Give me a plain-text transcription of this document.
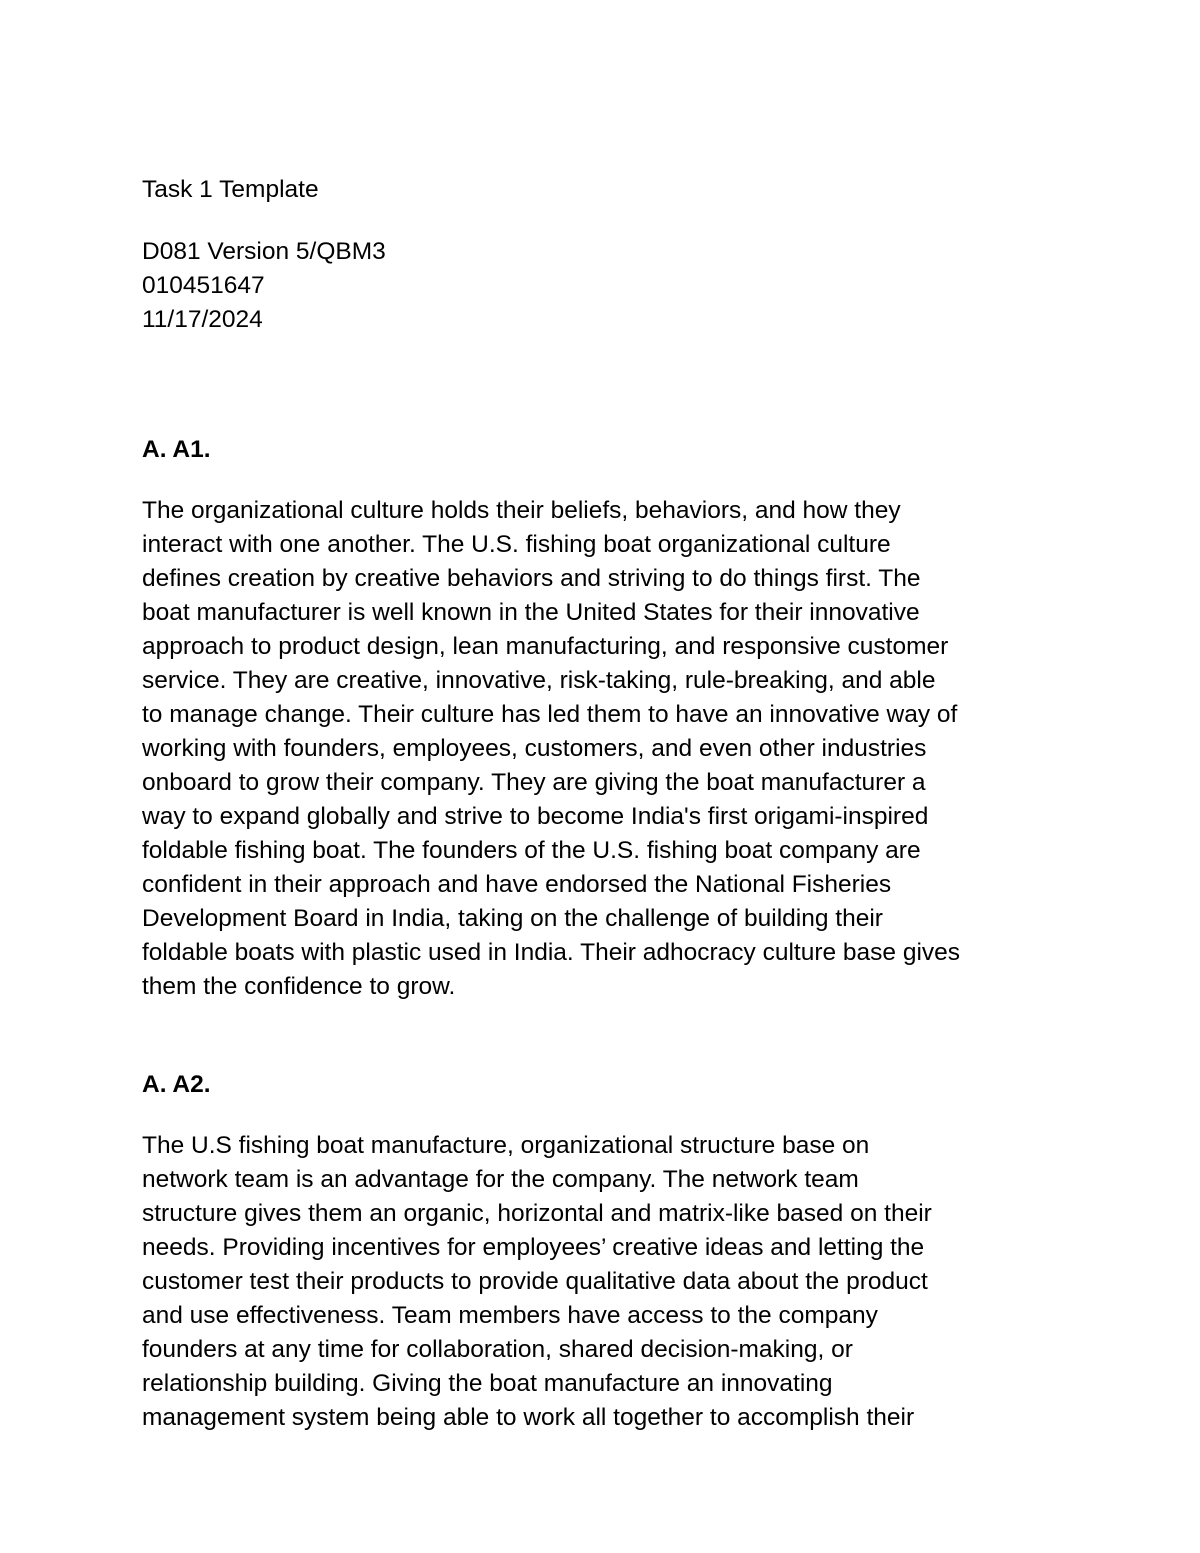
Task 1 Template
D081 Version 5/QBM3
010451647
11/17/2024
A. A1.
The organizational culture holds their beliefs, behaviors, and how they
interact with one another. The U.S. fishing boat organizational culture
defines creation by creative behaviors and striving to do things first. The
boat manufacturer is well known in the United States for their innovative
approach to product design, lean manufacturing, and responsive customer
service. They are creative, innovative, risk-taking, rule-breaking, and able
to manage change. Their culture has led them to have an innovative way of
working with founders, employees, customers, and even other industries
onboard to grow their company. They are giving the boat manufacturer a
way to expand globally and strive to become India's first origami-inspired
foldable fishing boat. The founders of the U.S. fishing boat company are
confident in their approach and have endorsed the National Fisheries
Development Board in India, taking on the challenge of building their
foldable boats with plastic used in India. Their adhocracy culture base gives
them the confidence to grow.
A. A2.
The U.S fishing boat manufacture, organizational structure base on
network team is an advantage for the company. The network team
structure gives them an organic, horizontal and matrix-like based on their
needs. Providing incentives for employees’ creative ideas and letting the
customer test their products to provide qualitative data about the product
and use effectiveness. Team members have access to the company
founders at any time for collaboration, shared decision-making, or
relationship building. Giving the boat manufacture an innovating
management system being able to work all together to accomplish their
